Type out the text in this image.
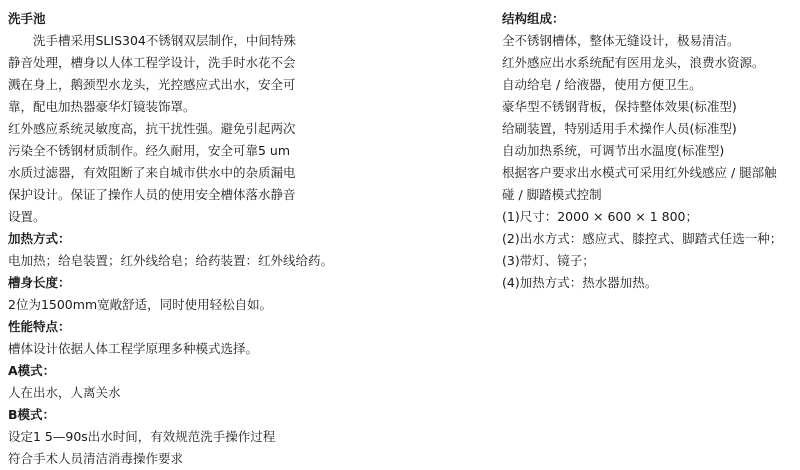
洗手池

洗手槽采用SLIS304不锈钢双层制作，中间特殊静音处理，槽身以人体工程学设计，洗手时水花不会溅在身上，鹅颈型水龙头，光控感应式出水，安全可靠，配电加热器豪华灯镜装饰罩。

红外感应系统灵敏度高，抗干扰性强。避免引起两次污染全不锈钢材质制作。经久耐用，安全可靠5 um水质过滤器，有效阻断了来自城市供水中的杂质漏电保护设计。保证了操作人员的使用安全槽体落水静音设置。

加热方式：
电加热；给皂装置；红外线给皂；给药装置：红外线给药。
槽身长度：
2位为1500mm宽敞舒适，同时使用轻松自如。
性能特点：
槽体设计依据人体工程学原理多种模式选择。
A模式：
人在出水，人离关水
B模式：
设定1 5—90s出水时间，有效规范洗手操作过程
符合手术人员清洁消毒操作要求
结构组成：
全不锈钢槽体，整体无缝设计，极易清洁。
红外感应出水系统配有医用龙头，浪费水资源。
自动给皂 / 给液器，使用方便卫生。
豪华型不锈钢背板，保持整体效果(标准型)
给刷装置，特别适用手术操作人员(标准型)
自动加热系统，可调节出水温度(标准型)
根据客户要求出水模式可采用红外线感应 / 腿部触
碰 / 脚踏模式控制
(1)尺寸：2000 × 600 × 1 800；
(2)出水方式：感应式、膝控式、脚踏式任选一种；
(3)带灯、镜子；
(4)加热方式：热水器加热。
